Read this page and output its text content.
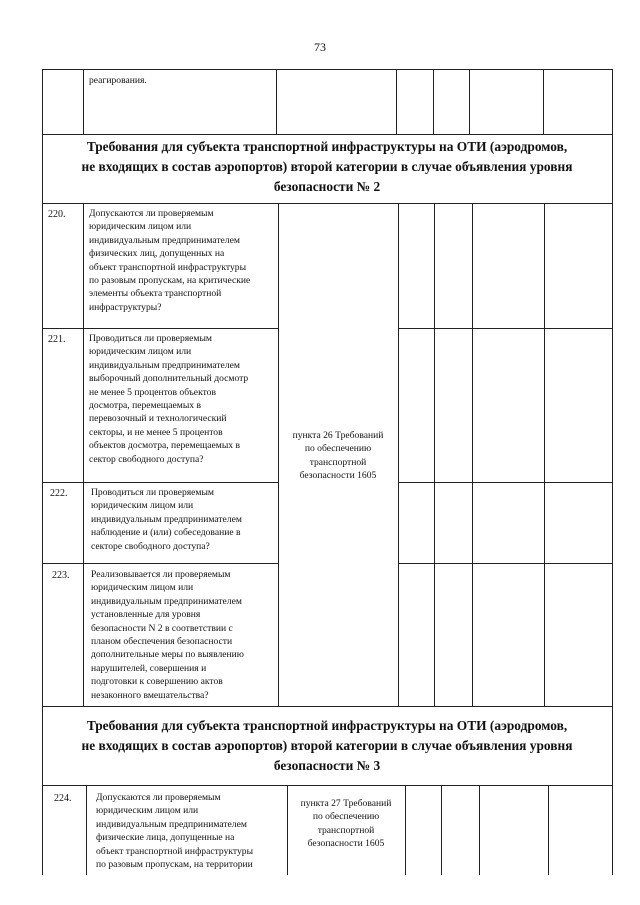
73
реагирования.
Требования для субъекта транспортной инфраструктуры на ОТИ (аэродромов,
не входящих в состав аэропортов) второй категории в случае объявления уровня
безопасности № 2
220. Допускаются ли проверяемым
юридическим лицом или
индивидуальным предпринимателем
физических лиц, допущенных на
объект транспортной инфраструктуры
по разовым пропускам, на критические
элементы объекта транспортной
инфраструктуры?
221. Проводиться ли проверяемым
юридическим лицом или
индивидуальным предпринимателем
выборочный дополнительный досмотр
не менее 5 процентов объектов
досмотра, перемещаемых в
перевозочный и технологический
секторы, и не менее 5 процентов
объектов досмотра, перемещаемых в
сектор свободного доступа?
пункта 26 Требований
по обеспечению
транспортной
безопасности 1605
222. Проводиться ли проверяемым
юридическим лицом или
индивидуальным предпринимателем
наблюдение и (или) собеседование в
секторе свободного доступа?
223. Реализовывается ли проверяемым
юридическим лицом или
индивидуальным предпринимателем
установленные для уровня
безопасности N 2 в соответствии с
планом обеспечения безопасности
дополнительные меры по выявлению
нарушителей, совершения и
подготовки к совершению актов
незаконного вмешательства?
Требования для субъекта транспортной инфраструктуры на ОТИ (аэродромов,
не входящих в состав аэропортов) второй категории в случае объявления уровня
безопасности № 3
224.	Допускаются ли проверяемым
юридическим лицом или
индивидуальным предпринимателем
физические лица, допущенные на
объект транспортной инфраструктуры
по разовым пропускам, на территории
пункта 27 Требований
по обеспечению
транспортной
безопасности 1605
